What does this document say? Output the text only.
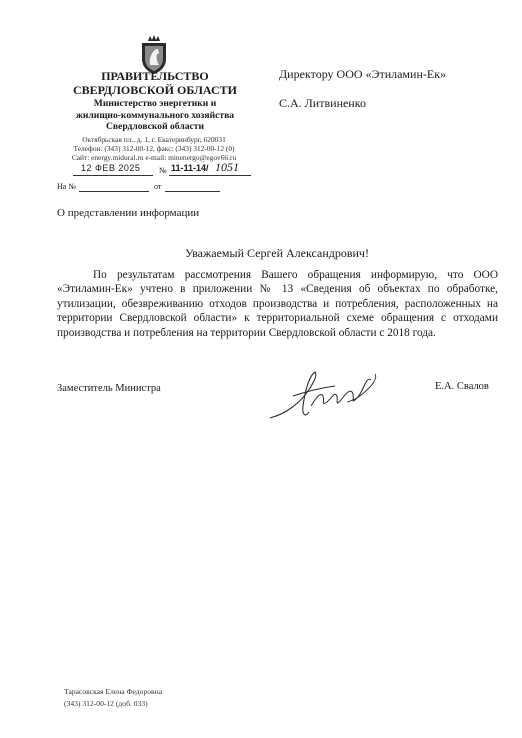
ПРАВИТЕЛЬСТВО
СВЕРДЛОВСКОЙ ОБЛАСТИ
Министерство энергетики и
жилищно-коммунального хозяйства
Свердловской области
Октябрьская пл., д. 1, г. Екатеринбург, 620031
Телефон: (343) 312-00-12, факс: (343) 312-00-12 (0)
Сайт: energy.midural.ru e-mail: minenergo@egov66.ru
12 ФЕВ 2025 № 11-11-14/ 1051
На №	от
Директору ООО «Этиламин-Ек»
С.А. Литвиненко
О представлении информации
Уважаемый Сергей Александрович!
По результатам рассмотрения Вашего обращения информирую, что ООО «Этиламин-Ек» учтено в приложении № 13 «Сведения об объектах по обработке, утилизации, обезвреживанию отходов производства и потребления, расположенных на территории Свердловской области» к территориальной схеме обращения с отходами производства и потребления на территории Свердловской области с 2018 года.
Заместитель Министра	Е.А. Свалов
Тарасовская Елена Федоровна
(343) 312-00-12 (доб. 033)
